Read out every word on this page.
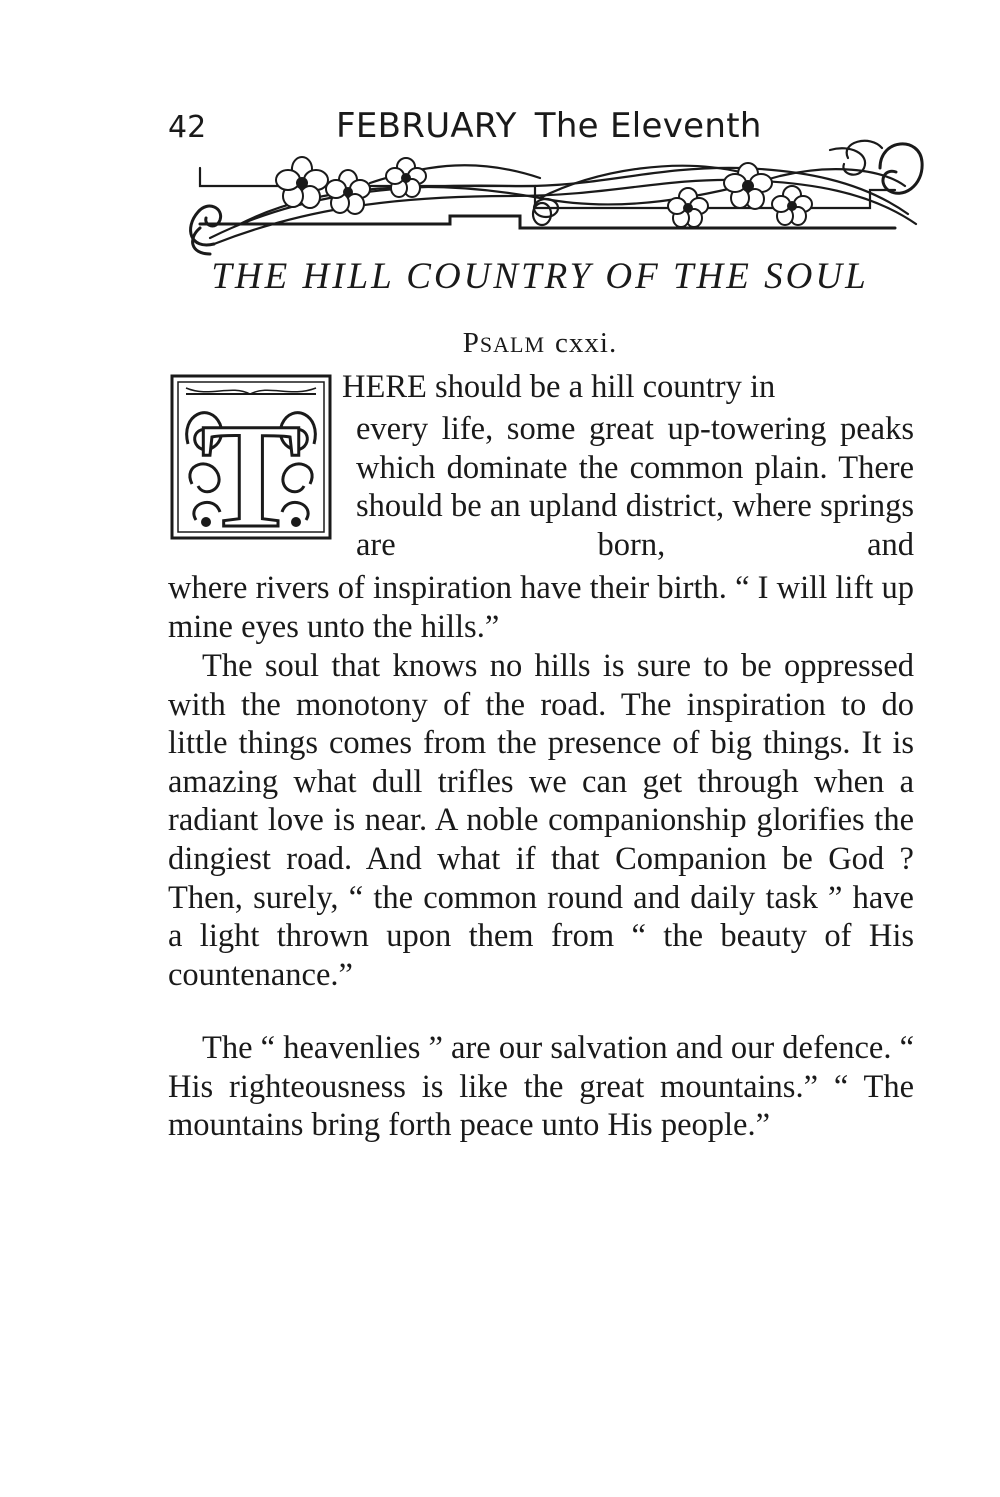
42	FEBRUARY The Eleventh
THE HILL COUNTRY OF THE SOUL
PSALM cxxi.
T
HERE should be a hill country in

every life, some great up-towering peaks which dominate the common plain. There should be an upland district, where springs are born, and

where rivers of inspiration have their birth. “ I will lift up mine eyes unto the hills.”

The soul that knows no hills is sure to be oppressed with the monotony of the road. The inspiration to do little things comes from the presence of big things. It is amazing what dull trifles we can get through when a radiant love is near. A noble companionship glorifies the dingiest road. And what if that Companion be God ? Then, surely, “ the common round and daily task ” have a light thrown upon them from “ the beauty of His countenance.”

The “ heavenlies ” are our salvation and our defence. “ His righteousness is like the great mountains.” “ The mountains bring forth peace unto His people.”
